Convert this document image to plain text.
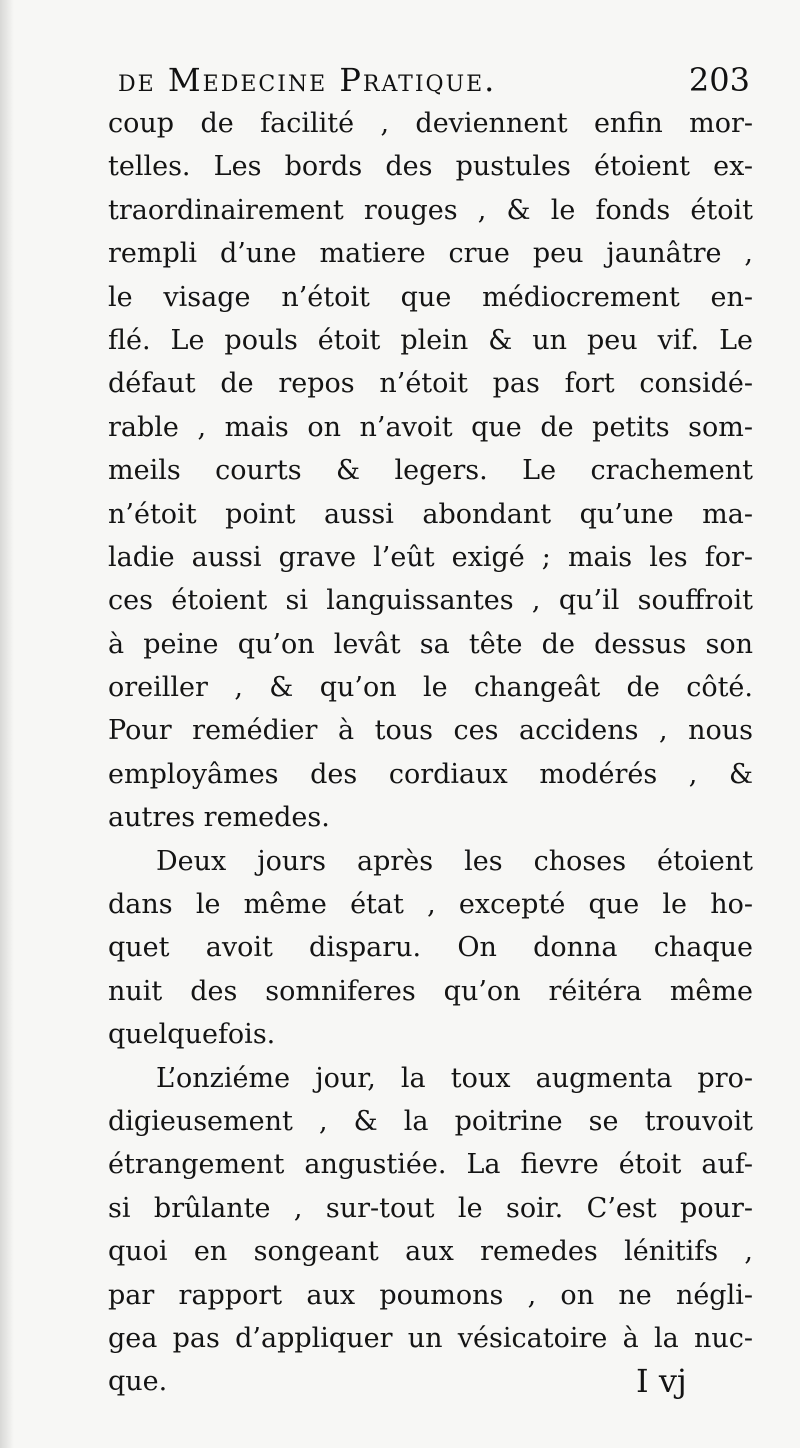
de Medecine Pratique.	203
coup de facilité , deviennent enfin mor-
telles. Les bords des pustules étoient ex-
traordinairement rouges , & le fonds étoit
rempli d’une matiere crue peu jaunâtre ,
le visage n’étoit que médiocrement en-
flé. Le pouls étoit plein & un peu vif. Le
défaut de repos n’étoit pas fort considé-
rable , mais on n’avoit que de petits som-
meils courts & legers. Le crachement
n’étoit point aussi abondant qu’une ma-
ladie aussi grave l’eût exigé ; mais les for-
ces étoient si languissantes , qu’il souffroit
à peine qu’on levât sa tête de dessus son
oreiller , & qu’on le changeât de côté.
Pour remédier à tous ces accidens , nous
employâmes des cordiaux modérés , &
autres remedes.
Deux jours après les choses étoient
dans le même état , excepté que le ho-
quet avoit disparu. On donna chaque
nuit des somniferes qu’on réitéra même
quelquefois.
L’onziéme jour, la toux augmenta pro-
digieusement , & la poitrine se trouvoit
étrangement angustiée. La fievre étoit auf-
si brûlante , sur-tout le soir. C’est pour-
quoi en songeant aux remedes lénitifs ,
par rapport aux poumons , on ne négli-
gea pas d’appliquer un vésicatoire à la nuc-
que.	I vj
